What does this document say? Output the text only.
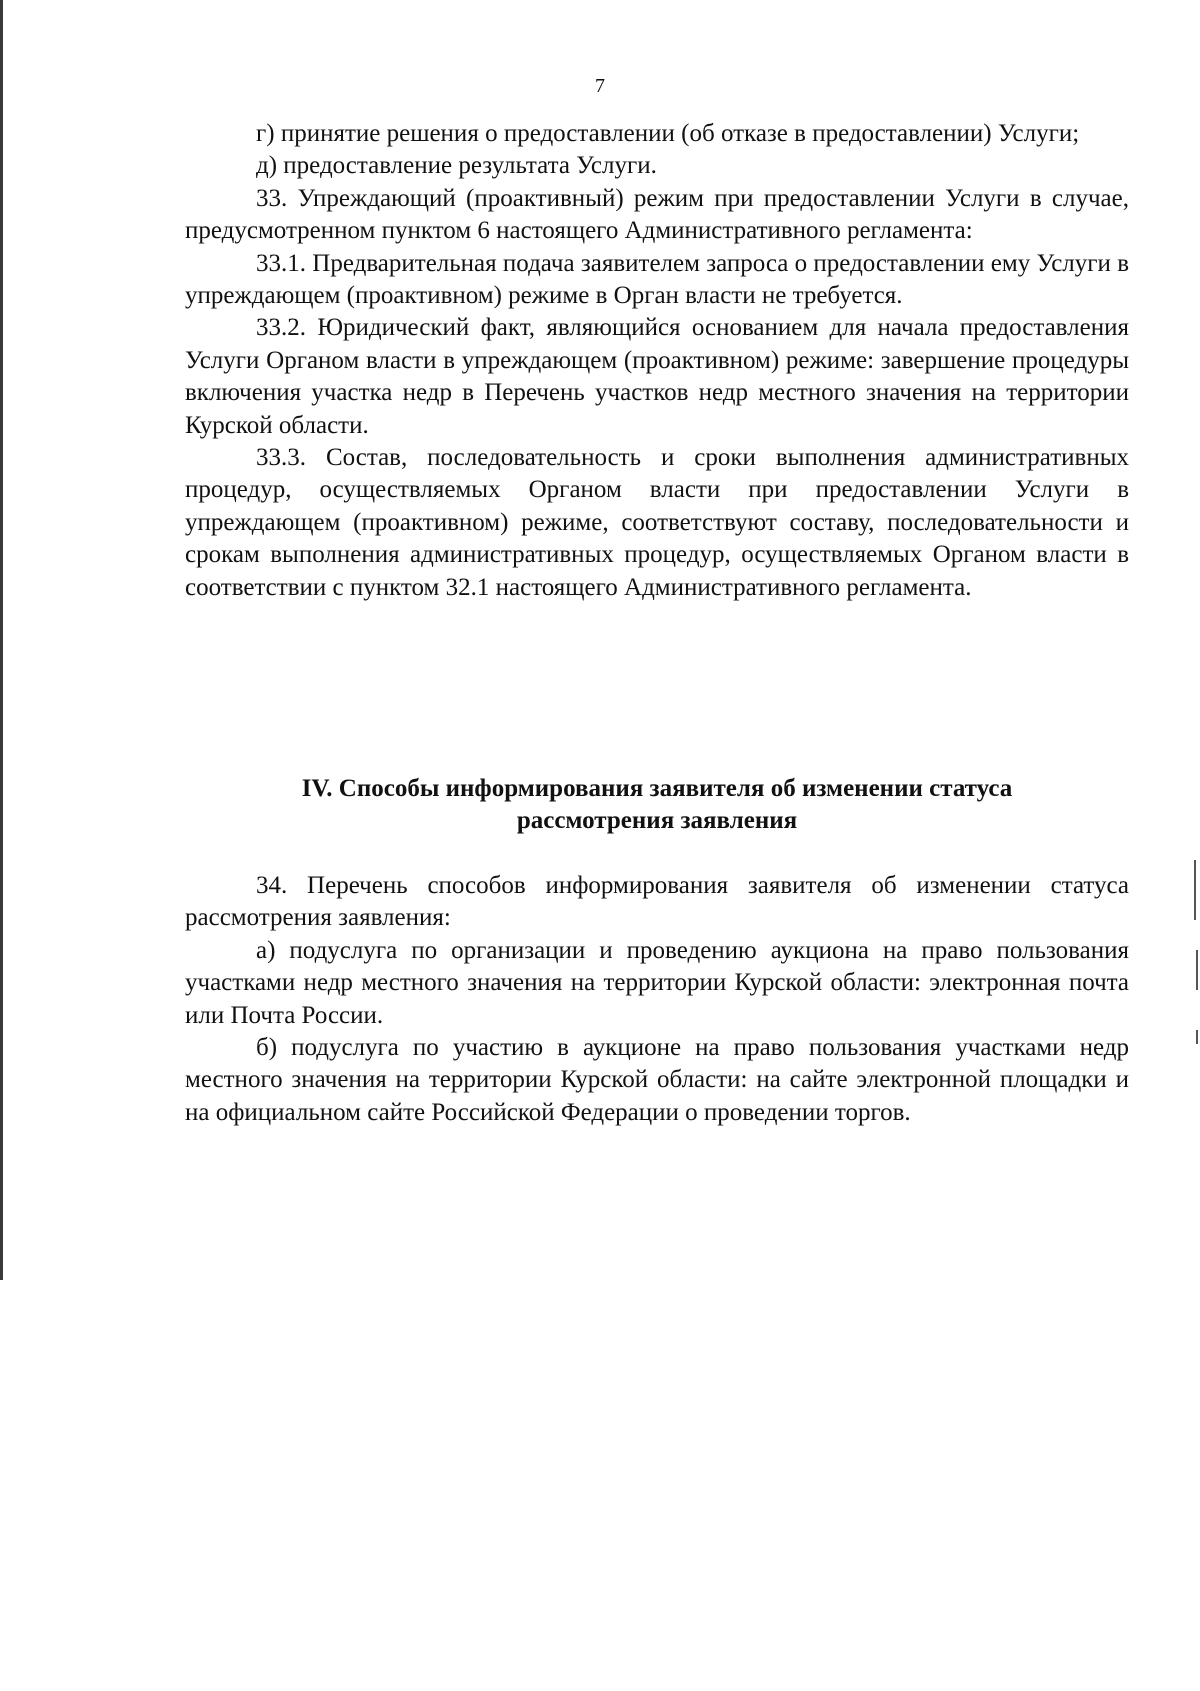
7

г) принятие решения о предоставлении (об отказе в предоставлении) Услуги;

д) предоставление результата Услуги.

33. Упреждающий (проактивный) режим при предоставлении Услуги в случае, предусмотренном пунктом 6 настоящего Административного регламента:

33.1. Предварительная подача заявителем запроса о предоставлении ему Услуги в упреждающем (проактивном) режиме в Орган власти не требуется.

33.2. Юридический факт, являющийся основанием для начала предоставления Услуги Органом власти в упреждающем (проактивном) режиме: завершение процедуры включения участка недр в Перечень участков недр местного значения на территории Курской области.

33.3. Состав, последовательность и сроки выполнения административных процедур, осуществляемых Органом власти при предоставлении Услуги в упреждающем (проактивном) режиме, соответствуют составу, последовательности и срокам выполнения административных процедур, осуществляемых Органом власти в соответствии с пунктом 32.1 настоящего Административного регламента.

IV. Способы информирования заявителя об изменении статуса
рассмотрения заявления

34. Перечень способов информирования заявителя об изменении статуса рассмотрения заявления:

а) подуслуга по организации и проведению аукциона на право пользования участками недр местного значения на территории Курской области: электронная почта или Почта России.

б) подуслуга по участию в аукционе на право пользования участками недр местного значения на территории Курской области: на сайте электронной площадки и на официальном сайте Российской Федерации о проведении торгов.
